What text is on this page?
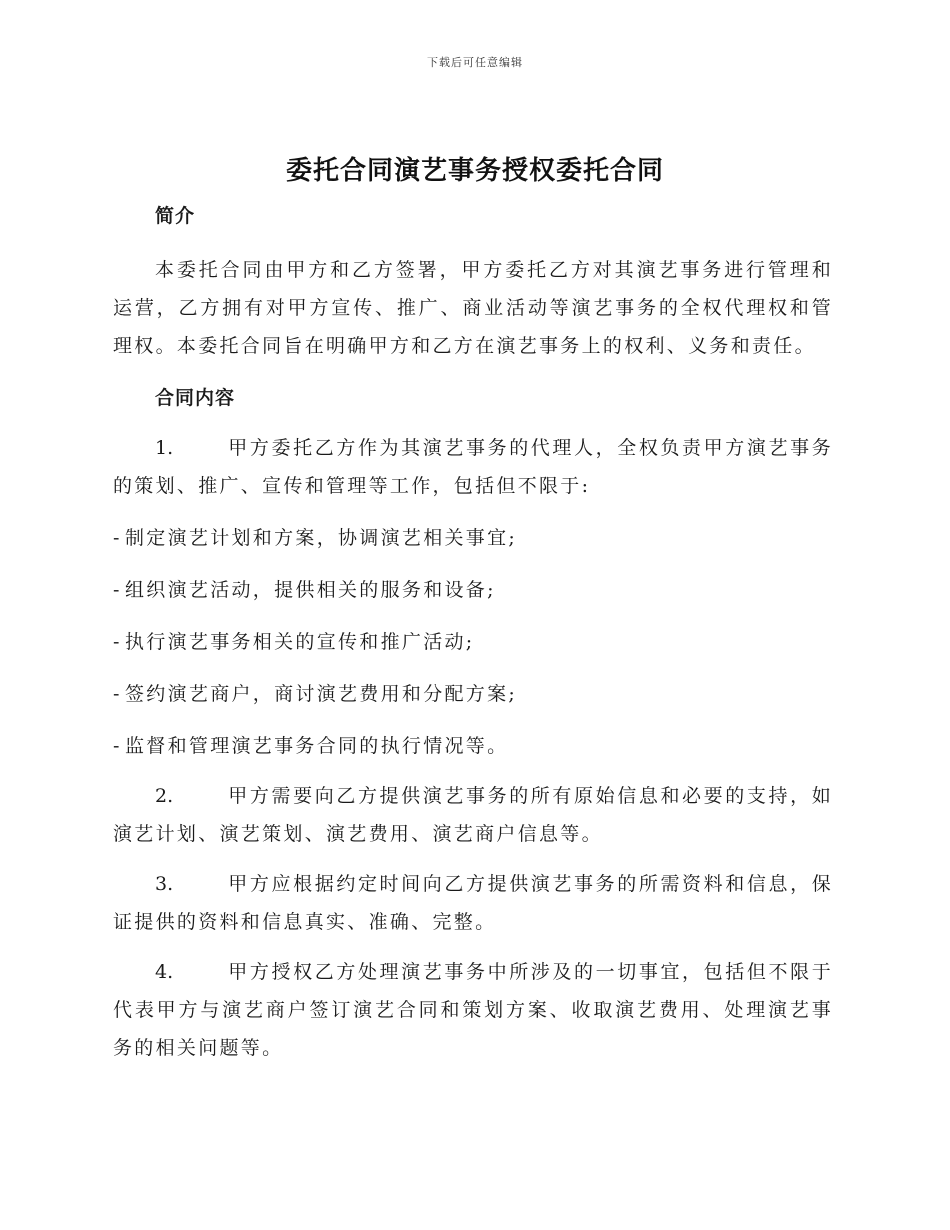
下载后可任意编辑
委托合同演艺事务授权委托合同

简介

本委托合同由甲方和乙方签署，甲方委托乙方对其演艺事务进行管理和运营，乙方拥有对甲方宣传、推广、商业活动等演艺事务的全权代理权和管理权。本委托合同旨在明确甲方和乙方在演艺事务上的权利、义务和责任。

合同内容

1.	甲方委托乙方作为其演艺事务的代理人，全权负责甲方演艺事务的策划、推广、宣传和管理等工作，包括但不限于:

- 制定演艺计划和方案，协调演艺相关事宜;

- 组织演艺活动，提供相关的服务和设备;

- 执行演艺事务相关的宣传和推广活动;

- 签约演艺商户，商讨演艺费用和分配方案;

- 监督和管理演艺事务合同的执行情况等。

2.	甲方需要向乙方提供演艺事务的所有原始信息和必要的支持，如演艺计划、演艺策划、演艺费用、演艺商户信息等。

3.	甲方应根据约定时间向乙方提供演艺事务的所需资料和信息，保证提供的资料和信息真实、准确、完整。

4.	甲方授权乙方处理演艺事务中所涉及的一切事宜，包括但不限于代表甲方与演艺商户签订演艺合同和策划方案、收取演艺费用、处理演艺事务的相关问题等。
